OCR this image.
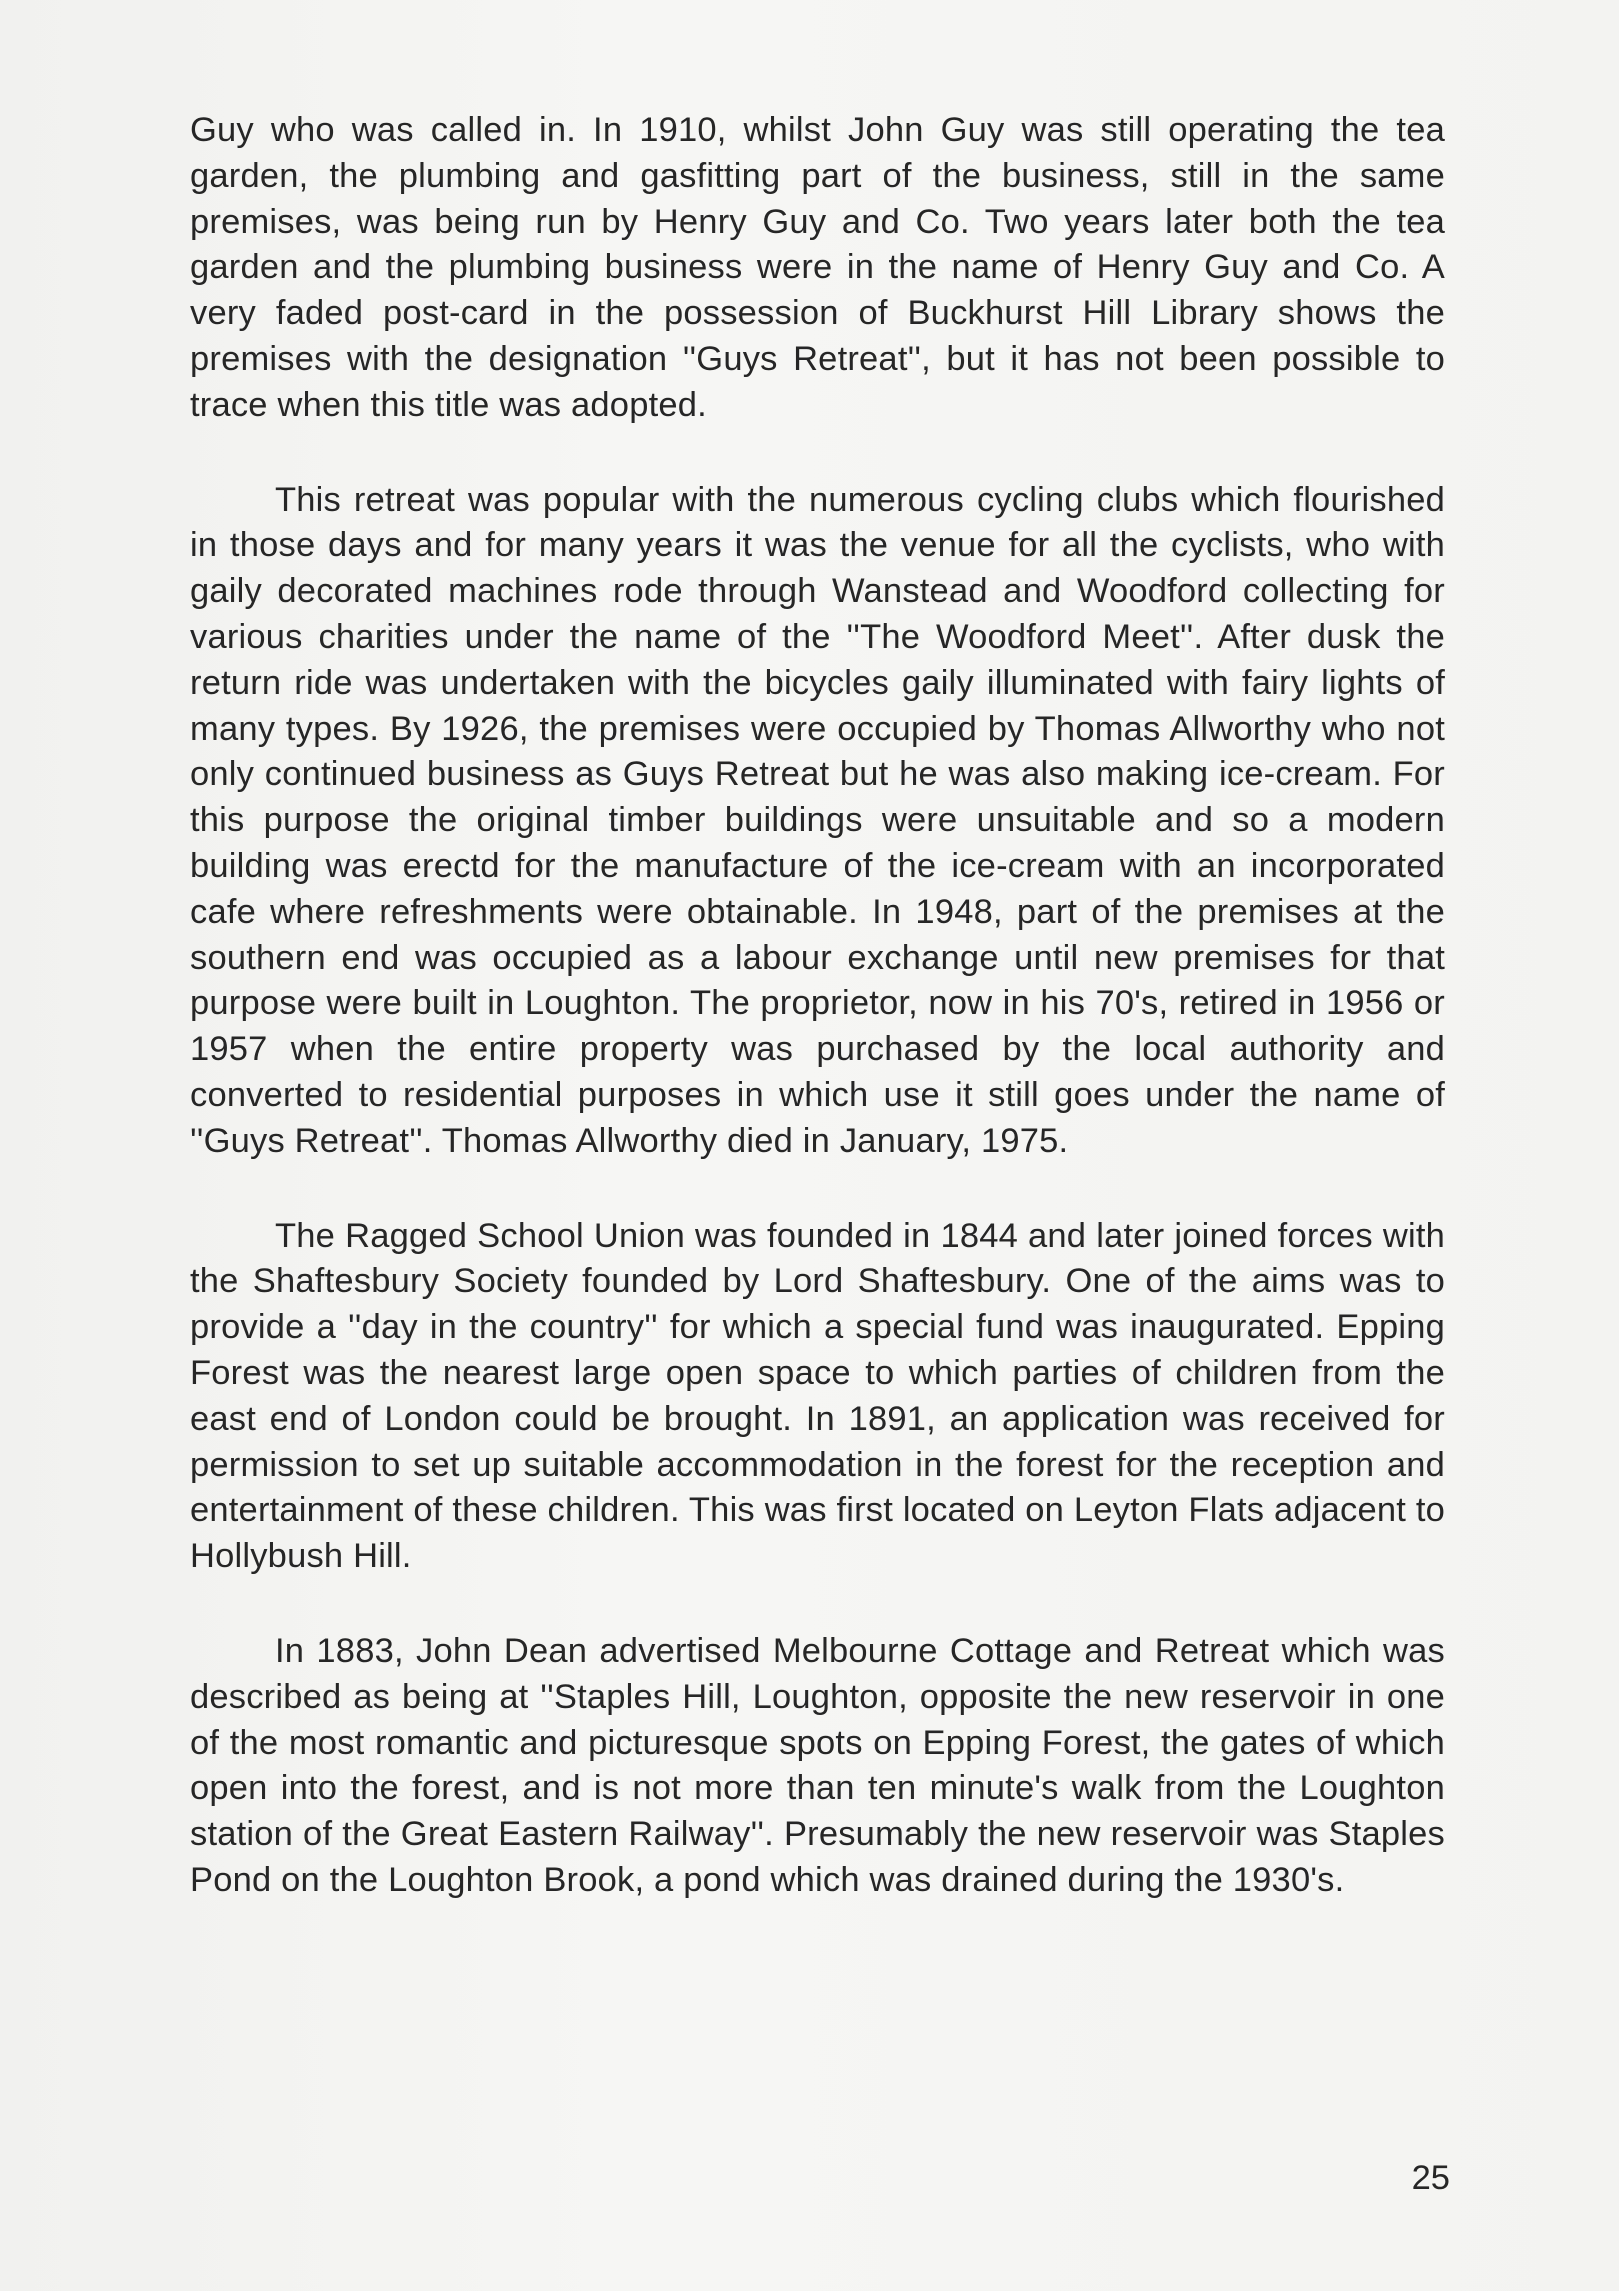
Guy who was called in. In 1910, whilst John Guy was still operating the tea garden, the plumbing and gasfitting part of the business, still in the same premises, was being run by Henry Guy and Co. Two years later both the tea garden and the plumbing business were in the name of Henry Guy and Co. A very faded post-card in the possession of Buckhurst Hill Library shows the premises with the designation ''Guys Retreat'', but it has not been possible to trace when this title was adopted.

This retreat was popular with the numerous cycling clubs which flourished in those days and for many years it was the venue for all the cyclists, who with gaily decorated machines rode through Wanstead and Woodford collecting for various charities under the name of the ''The Woodford Meet''. After dusk the return ride was undertaken with the bicycles gaily illuminated with fairy lights of many types. By 1926, the premises were occupied by Thomas Allworthy who not only continued business as Guys Retreat but he was also making ice-cream. For this purpose the original timber buildings were unsuitable and so a modern building was erectd for the manufacture of the ice-cream with an incorporated cafe where refreshments were obtainable. In 1948, part of the premises at the southern end was occupied as a labour exchange until new premises for that purpose were built in Loughton. The proprietor, now in his 70's, retired in 1956 or 1957 when the entire property was purchased by the local authority and converted to residential purposes in which use it still goes under the name of ''Guys Retreat''. Thomas Allworthy died in January, 1975.

The Ragged School Union was founded in 1844 and later joined forces with the Shaftesbury Society founded by Lord Shaftesbury. One of the aims was to provide a ''day in the country'' for which a special fund was inaugurated. Epping Forest was the nearest large open space to which parties of children from the east end of London could be brought. In 1891, an application was received for permission to set up suitable accommodation in the forest for the reception and entertainment of these children. This was first located on Leyton Flats adjacent to Hollybush Hill.

In 1883, John Dean advertised Melbourne Cottage and Retreat which was described as being at ''Staples Hill, Loughton, opposite the new reservoir in one of the most romantic and picturesque spots on Epping Forest, the gates of which open into the forest, and is not more than ten minute's walk from the Loughton station of the Great Eastern Railway''. Presumably the new reservoir was Staples Pond on the Loughton Brook, a pond which was drained during the 1930's.

25
